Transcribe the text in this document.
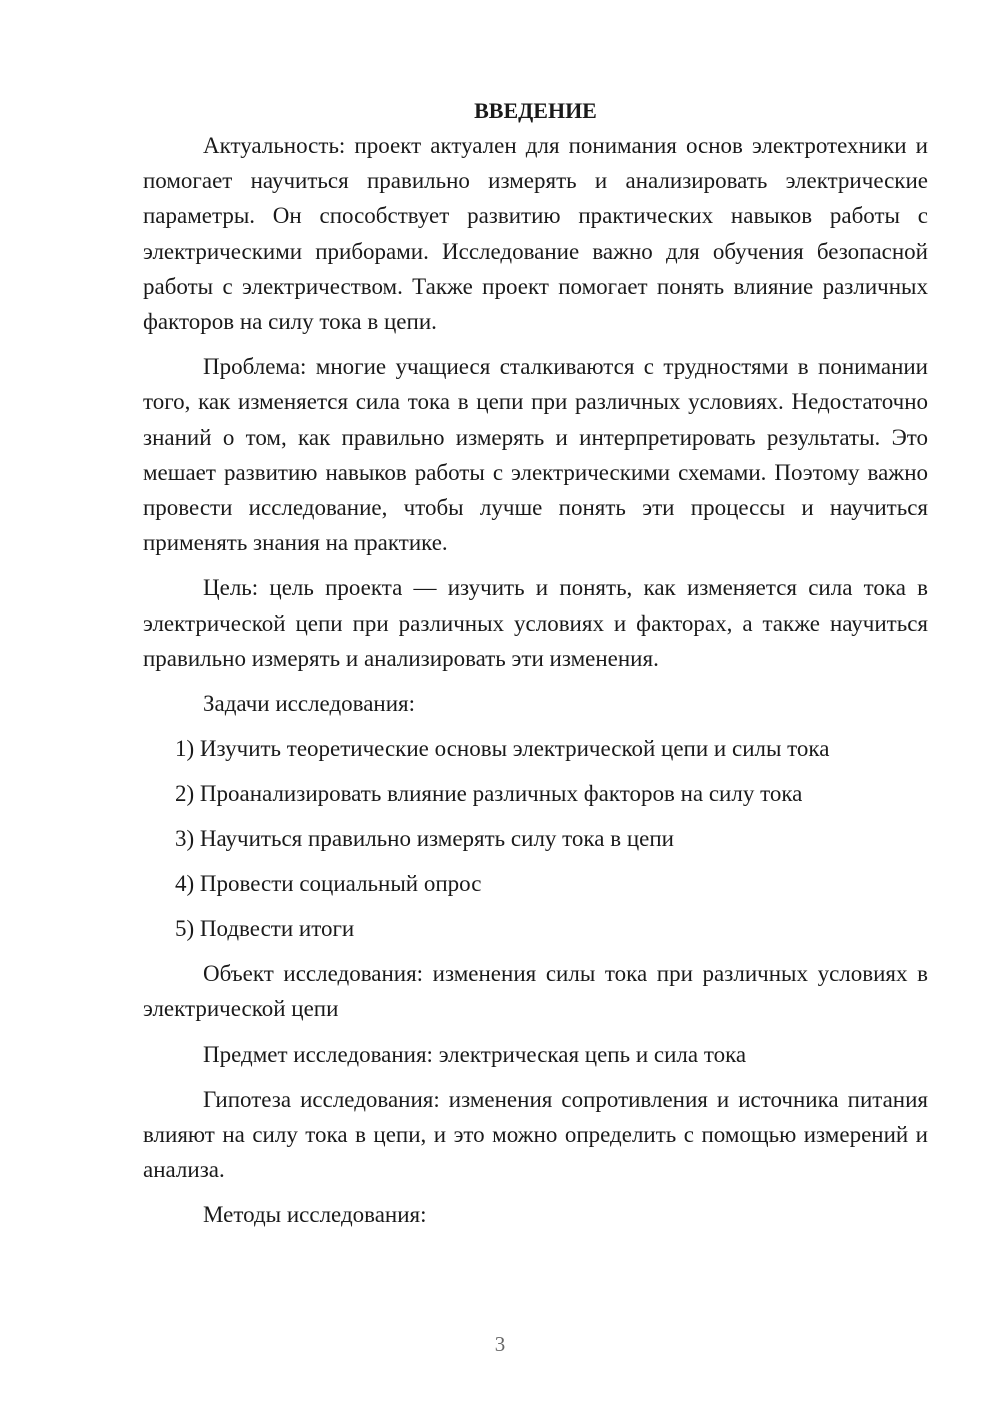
ВВЕДЕНИЕ

Актуальность: проект актуален для понимания основ электротехники и помогает научиться правильно измерять и анализировать электрические параметры. Он способствует развитию практических навыков работы с электрическими приборами. Исследование важно для обучения безопасной работы с электричеством. Также проект помогает понять влияние различных факторов на силу тока в цепи.

Проблема: многие учащиеся сталкиваются с трудностями в понимании того, как изменяется сила тока в цепи при различных условиях. Недостаточно знаний о том, как правильно измерять и интерпретировать результаты. Это мешает развитию навыков работы с электрическими схемами. Поэтому важно провести исследование, чтобы лучше понять эти процессы и научиться применять знания на практике.

Цель: цель проекта — изучить и понять, как изменяется сила тока в электрической цепи при различных условиях и факторах, а также научиться правильно измерять и анализировать эти изменения.

Задачи исследования:

1) Изучить теоретические основы электрической цепи и силы тока

2) Проанализировать влияние различных факторов на силу тока

3) Научиться правильно измерять силу тока в цепи

4) Провести социальный опрос

5) Подвести итоги

Объект исследования: изменения силы тока при различных условиях в электрической цепи

Предмет исследования: электрическая цепь и сила тока

Гипотеза исследования: изменения сопротивления и источника питания влияют на силу тока в цепи, и это можно определить с помощью измерений и анализа.

Методы исследования:

3
